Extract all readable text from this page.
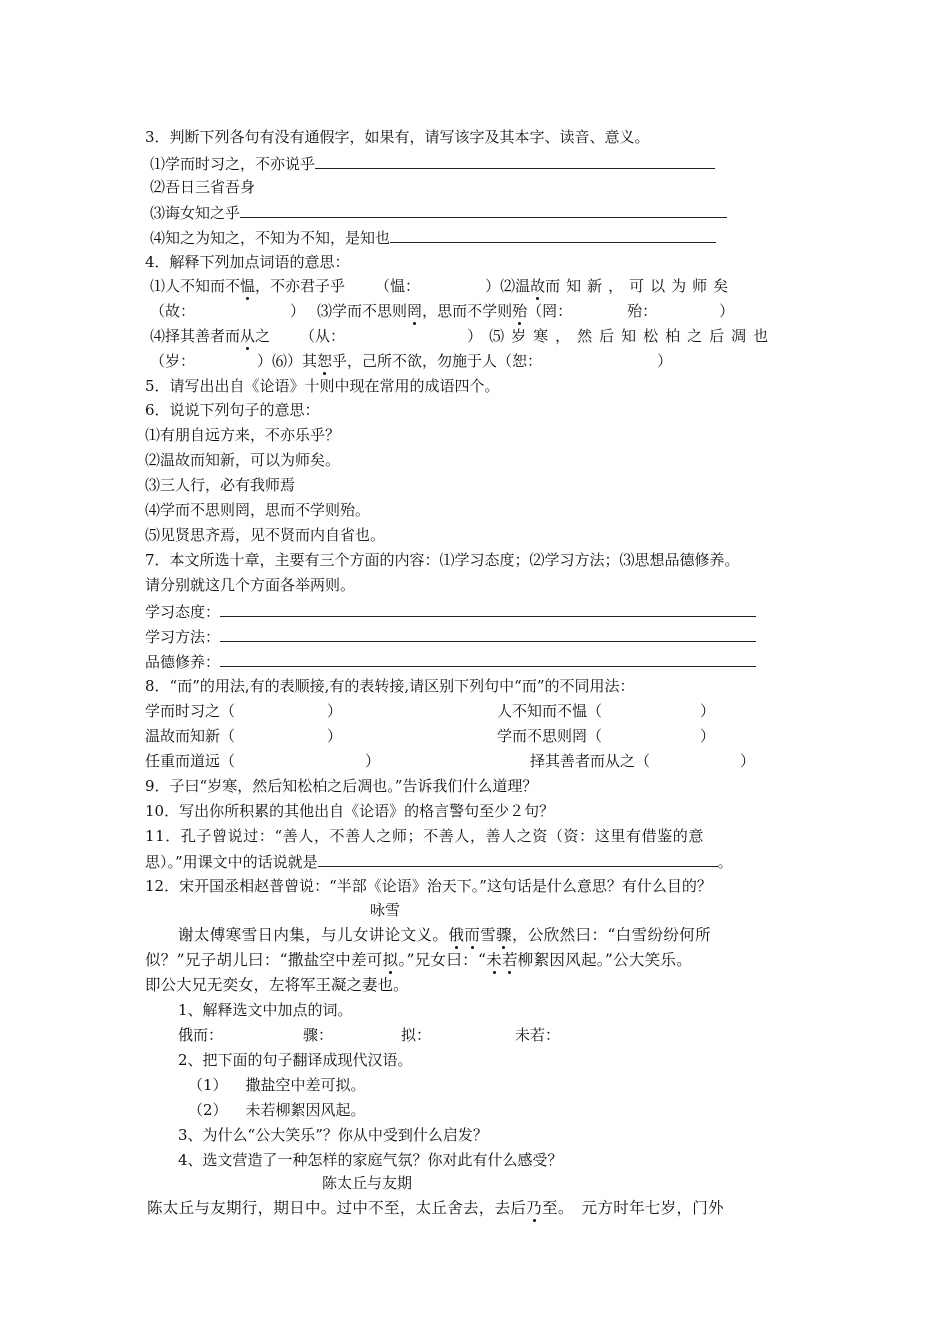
3．判断下列各句有没有通假字，如果有，请写该字及其本字、读音、意义。
⑴学而时习之，不亦说乎
⑵吾日三省吾身
⑶诲女知之乎
⑷知之为知之，不知为不知，是知也
4．解释下列加点词语的意思：
⑴人不知而不愠，不亦君子乎 （愠：	）⑵温故而知新，可以为师矣
（故：	） ⑶学而不思则罔，思而不学则殆（罔：	殆：	）
⑷择其善者而从之 （从：	）⑸岁寒，然后知松柏之后凋也
（岁：	）⑹）其恕乎，己所不欲，勿施于人（恕：	）
5．请写出出自《论语》十则中现在常用的成语四个。
6．说说下列句子的意思：
⑴有朋自远方来，不亦乐乎？
⑵温故而知新，可以为师矣。
⑶三人行，必有我师焉
⑷学而不思则罔，思而不学则殆。
⑸见贤思齐焉，见不贤而内自省也。
7．本文所选十章，主要有三个方面的内容：⑴学习态度；⑵学习方法；⑶思想品德修养。
请分别就这几个方面各举两则。
学习态度：
学习方法：
品德修养：
8．“而”的用法,有的表顺接,有的表转接,请区别下列句中“而”的不同用法：
学而时习之（	）	人不知而不愠（	）
温故而知新（	）	学而不思则罔（	）
任重而道远（	）	择其善者而从之（	）
9．子曰“岁寒，然后知松柏之后凋也。”告诉我们什么道理？
10．写出你所积累的其他出自《论语》的格言警句至少２句？
11．孔子曾说过：“善人，不善人之师；不善人，善人之资（资：这里有借鉴的意
思）。”用课文中的话说就是	。
12．宋开国丞相赵普曾说：“半部《论语》治天下。”这句话是什么意思？有什么目的？
咏雪
谢太傅寒雪日内集，与儿女讲论文义。俄而雪骤，公欣然曰：“白雪纷纷何所
似？”兄子胡儿曰：“撒盐空中差可拟。”兄女曰：“未若柳絮因风起。”公大笑乐。
即公大兄无奕女，左将军王凝之妻也。
1、解释选文中加点的词。
俄而：	骤：	拟：	未若：
2、把下面的句子翻译成现代汉语。
（1） 撒盐空中差可拟。
（2） 未若柳絮因风起。
3、为什么“公大笑乐”？你从中受到什么启发？
4、选文营造了一种怎样的家庭气氛？你对此有什么感受？
陈太丘与友期
陈太丘与友期行，期日中。过中不至，太丘舍去，去后乃至。　元方时年七岁，门外
